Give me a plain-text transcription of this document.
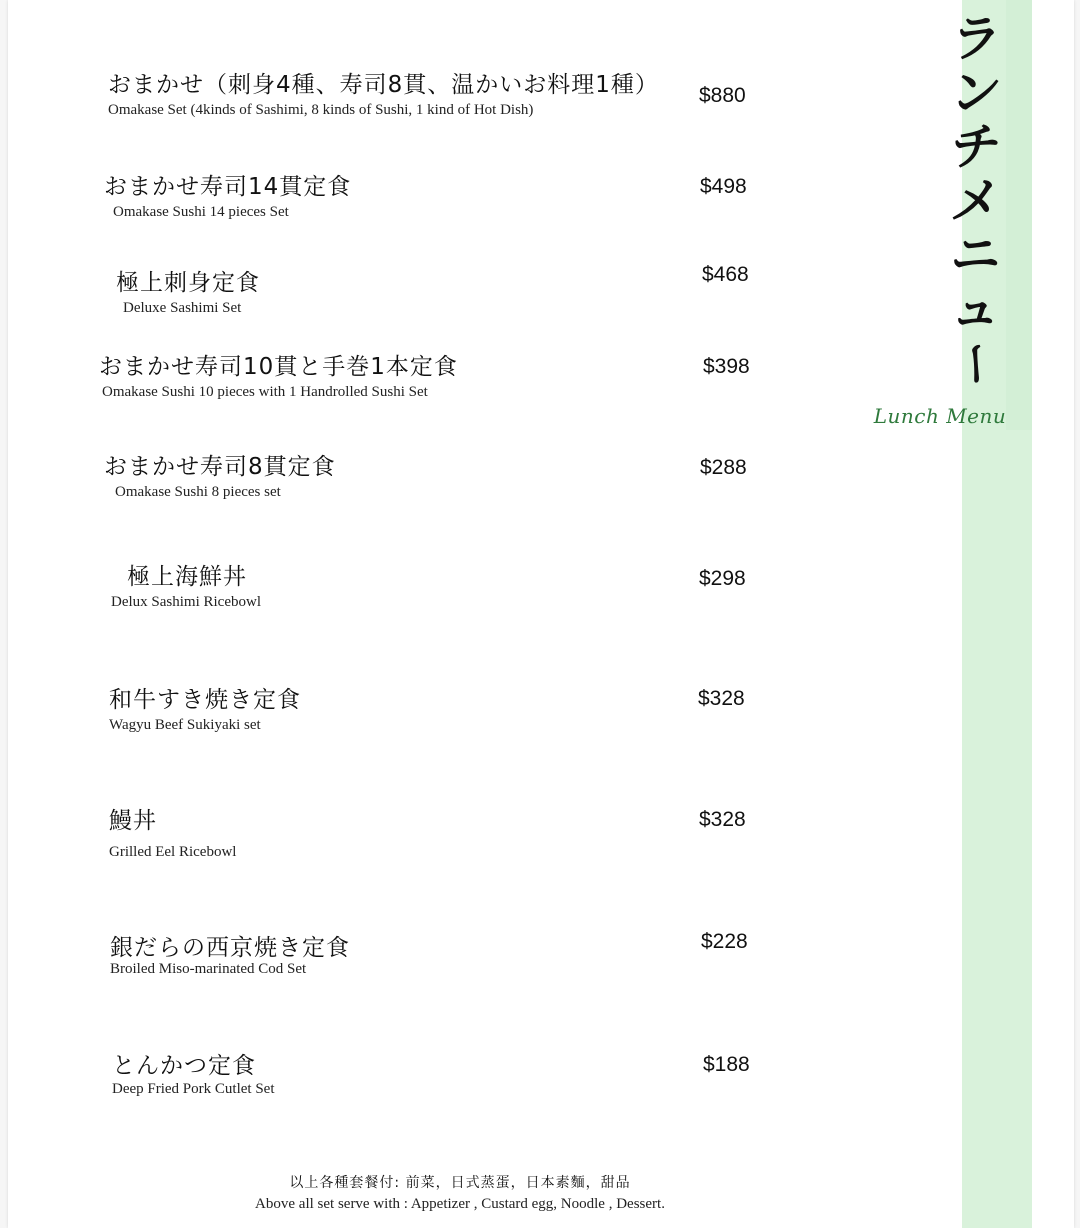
ラ
ン
チ
メ
ニ
ュ
ー
Lunch Menu
おまかせ（刺身4種、寿司8貫、温かいお料理1種）
Omakase Set (4kinds of Sashimi, 8 kinds of Sushi, 1 kind of Hot Dish)
$880
おまかせ寿司14貫定食
Omakase Sushi 14 pieces Set
$498
極上刺身定食
Deluxe Sashimi Set
$468
おまかせ寿司10貫と手巻1本定食
Omakase Sushi 10 pieces with 1 Handrolled Sushi Set
$398
おまかせ寿司8貫定食
Omakase Sushi 8 pieces set
$288
極上海鮮丼
Delux Sashimi Ricebowl
$298
和牛すき焼き定食
Wagyu Beef Sukiyaki set
$328
鰻丼
Grilled Eel Ricebowl
$328
銀だらの西京焼き定食
Broiled Miso-marinated Cod Set
$228
とんかつ定食
Deep Fried Pork Cutlet Set
$188
以上各種套餐付: 前菜，日式蒸蛋，日本素麵，甜品
Above all set serve with : Appetizer , Custard egg, Noodle , Dessert.
